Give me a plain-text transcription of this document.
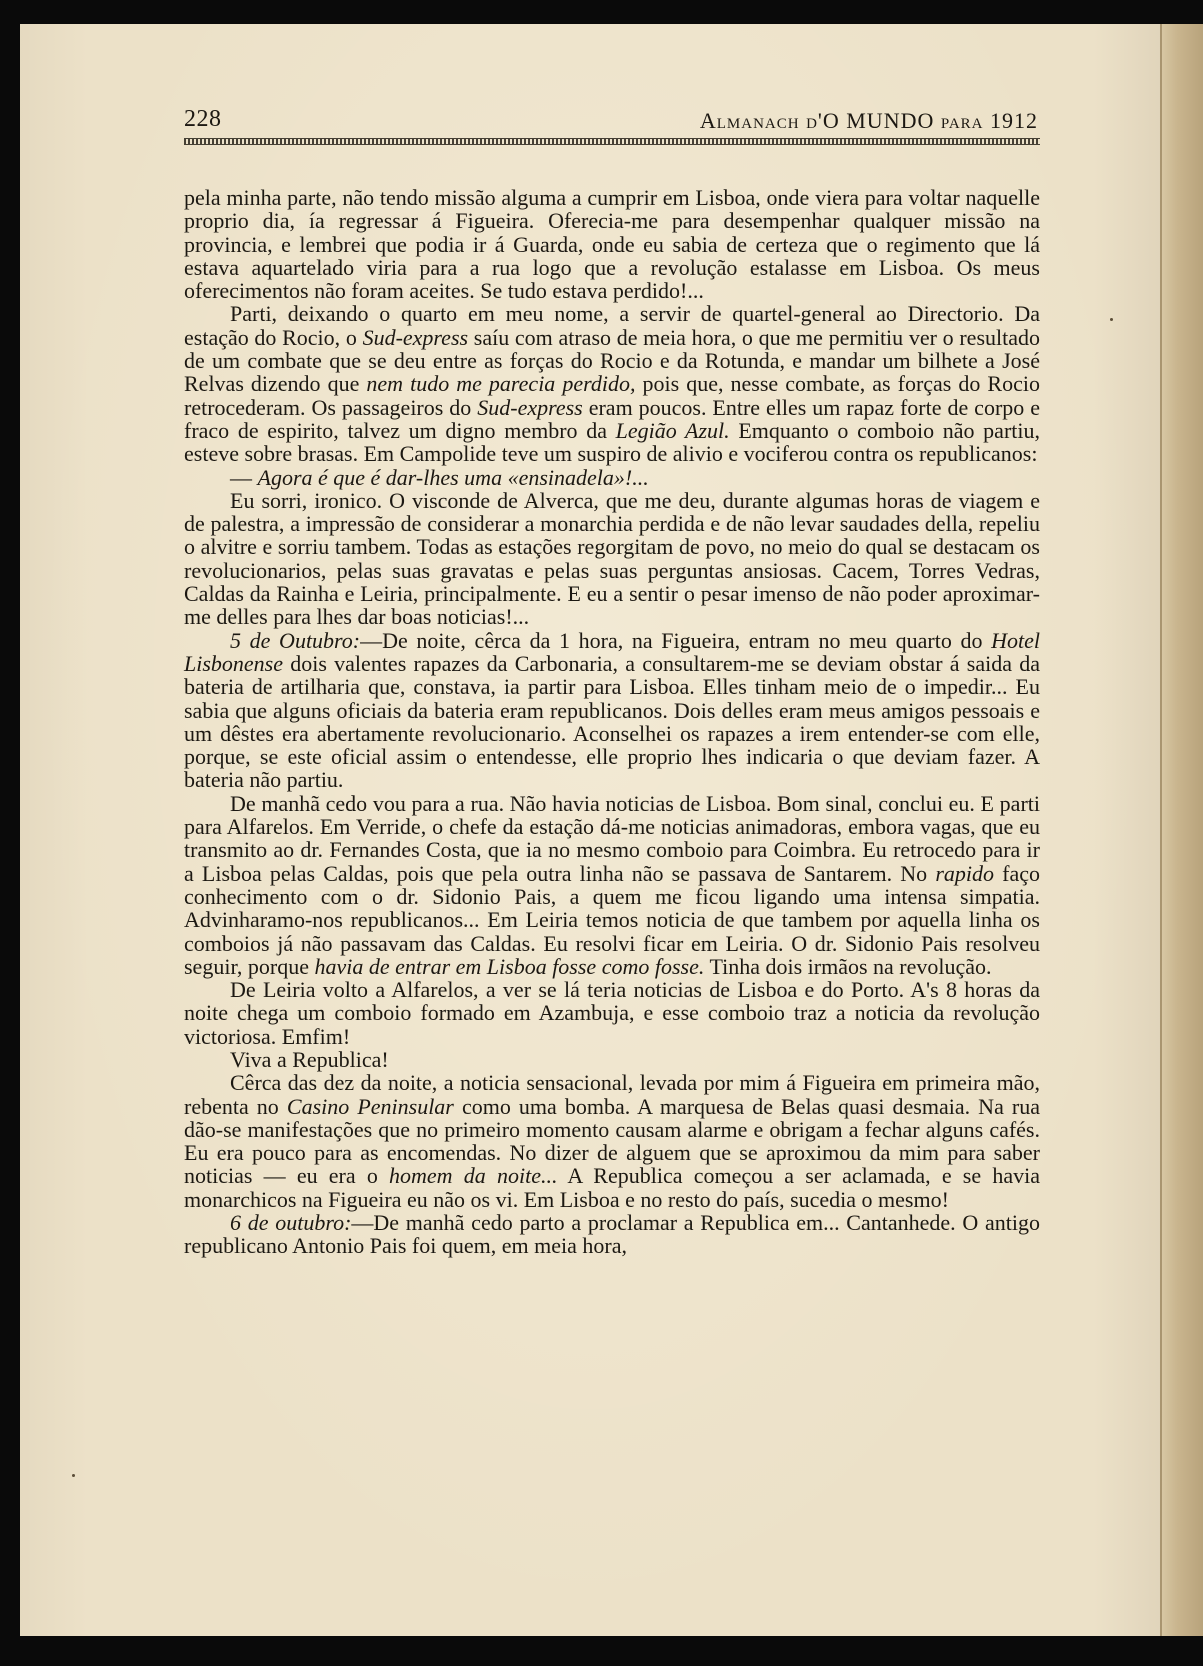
228	Almanach d'O MUNDO para 1912

pela minha parte, não tendo missão alguma a cumprir em Lisboa, onde viera para voltar naquelle proprio dia, ía regressar á Figueira. Oferecia-me para desempenhar qualquer missão na provincia, e lembrei que podia ir á Guarda, onde eu sabia de certeza que o regimento que lá estava aquartelado viria para a rua logo que a revolução estalasse em Lisboa. Os meus oferecimentos não foram aceites. Se tudo estava perdido!...

Parti, deixando o quarto em meu nome, a servir de quartel-general ao Directorio. Da estação do Rocio, o Sud-express saíu com atraso de meia hora, o que me permitiu ver o resultado de um combate que se deu entre as forças do Rocio e da Rotunda, e mandar um bilhete a José Relvas dizendo que nem tudo me parecia perdido, pois que, nesse combate, as forças do Rocio retrocederam. Os passageiros do Sud-express eram poucos. Entre elles um rapaz forte de corpo e fraco de espirito, talvez um digno membro da Legião Azul. Emquanto o comboio não partiu, esteve sobre brasas. Em Campolide teve um suspiro de alivio e vociferou contra os republicanos:

— Agora é que é dar-lhes uma «ensinadela»!...

Eu sorri, ironico. O visconde de Alverca, que me deu, durante algumas horas de viagem e de palestra, a impressão de considerar a monarchia perdida e de não levar saudades della, repeliu o alvitre e sorriu tambem. Todas as estações regorgitam de povo, no meio do qual se destacam os revolucionarios, pelas suas gravatas e pelas suas perguntas ansiosas. Cacem, Torres Vedras, Caldas da Rainha e Leiria, principalmente. E eu a sentir o pesar imenso de não poder aproximar-me delles para lhes dar boas noticias!...

5 de Outubro:—De noite, cêrca da 1 hora, na Figueira, entram no meu quarto do Hotel Lisbonense dois valentes rapazes da Carbonaria, a consultarem-me se deviam obstar á saida da bateria de artilharia que, constava, ia partir para Lisboa. Elles tinham meio de o impedir... Eu sabia que alguns oficiais da bateria eram republicanos. Dois delles eram meus amigos pessoais e um dêstes era abertamente revolucionario. Aconselhei os rapazes a irem entender-se com elle, porque, se este oficial assim o entendesse, elle proprio lhes indicaria o que deviam fazer. A bateria não partiu.

De manhã cedo vou para a rua. Não havia noticias de Lisboa. Bom sinal, conclui eu. E parti para Alfarelos. Em Verride, o chefe da estação dá-me noticias animadoras, embora vagas, que eu transmito ao dr. Fernandes Costa, que ia no mesmo comboio para Coimbra. Eu retrocedo para ir a Lisboa pelas Caldas, pois que pela outra linha não se passava de Santarem. No rapido faço conhecimento com o dr. Sidonio Pais, a quem me ficou ligando uma intensa simpatia. Advinharamo-nos republicanos... Em Leiria temos noticia de que tambem por aquella linha os comboios já não passavam das Caldas. Eu resolvi ficar em Leiria. O dr. Sidonio Pais resolveu seguir, porque havia de entrar em Lisboa fosse como fosse. Tinha dois irmãos na revolução.

De Leiria volto a Alfarelos, a ver se lá teria noticias de Lisboa e do Porto. A's 8 horas da noite chega um comboio formado em Azambuja, e esse comboio traz a noticia da revolução victoriosa. Emfim!

Viva a Republica!

Cêrca das dez da noite, a noticia sensacional, levada por mim á Figueira em primeira mão, rebenta no Casino Peninsular como uma bomba. A marquesa de Belas quasi desmaia. Na rua dão-se manifestações que no primeiro momento causam alarme e obrigam a fechar alguns cafés. Eu era pouco para as encomendas. No dizer de alguem que se aproximou da mim para saber noticias — eu era o homem da noite... A Republica começou a ser aclamada, e se havia monarchicos na Figueira eu não os vi. Em Lisboa e no resto do país, sucedia o mesmo!

6 de outubro:—De manhã cedo parto a proclamar a Republica em... Cantanhede. O antigo republicano Antonio Pais foi quem, em meia hora,
